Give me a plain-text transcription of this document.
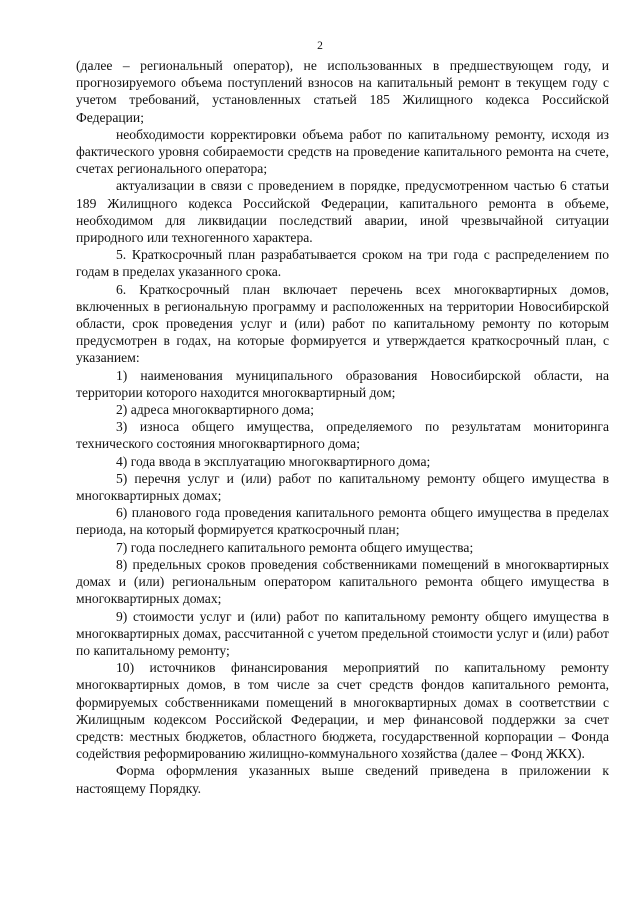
2

(далее – региональный оператор), не использованных в предшествующем году, и прогнозируемого объема поступлений взносов на капитальный ремонт в текущем году с учетом требований, установленных статьей 185 Жилищного кодекса Российской Федерации;

необходимости корректировки объема работ по капитальному ремонту, исходя из фактического уровня собираемости средств на проведение капитального ремонта на счете, счетах регионального оператора;

актуализации в связи с проведением в порядке, предусмотренном частью 6 статьи 189 Жилищного кодекса Российской Федерации, капитального ремонта в объеме, необходимом для ликвидации последствий аварии, иной чрезвычайной ситуации природного или техногенного характера.

5. Краткосрочный план разрабатывается сроком на три года с распределением по годам в пределах указанного срока.

6. Краткосрочный план включает перечень всех многоквартирных домов, включенных в региональную программу и расположенных на территории Новосибирской области, срок проведения услуг и (или) работ по капитальному ремонту по которым предусмотрен в годах, на которые формируется и утверждается краткосрочный план, с указанием:

1) наименования муниципального образования Новосибирской области, на территории которого находится многоквартирный дом;

2) адреса многоквартирного дома;

3) износа общего имущества, определяемого по результатам мониторинга технического состояния многоквартирного дома;

4) года ввода в эксплуатацию многоквартирного дома;

5) перечня услуг и (или) работ по капитальному ремонту общего имущества в многоквартирных домах;

6) планового года проведения капитального ремонта общего имущества в пределах периода, на который формируется краткосрочный план;

7) года последнего капитального ремонта общего имущества;

8) предельных сроков проведения собственниками помещений в многоквартирных домах и (или) региональным оператором капитального ремонта общего имущества в многоквартирных домах;

9) стоимости услуг и (или) работ по капитальному ремонту общего имущества в многоквартирных домах, рассчитанной с учетом предельной стоимости услуг и (или) работ по капитальному ремонту;

10) источников финансирования мероприятий по капитальному ремонту многоквартирных домов, в том числе за счет средств фондов капитального ремонта, формируемых собственниками помещений в многоквартирных домах в соответствии с Жилищным кодексом Российской Федерации, и мер финансовой поддержки за счет средств: местных бюджетов, областного бюджета, государственной корпорации – Фонда содействия реформированию жилищно-коммунального хозяйства (далее – Фонд ЖКХ).

Форма оформления указанных выше сведений приведена в приложении к настоящему Порядку.
